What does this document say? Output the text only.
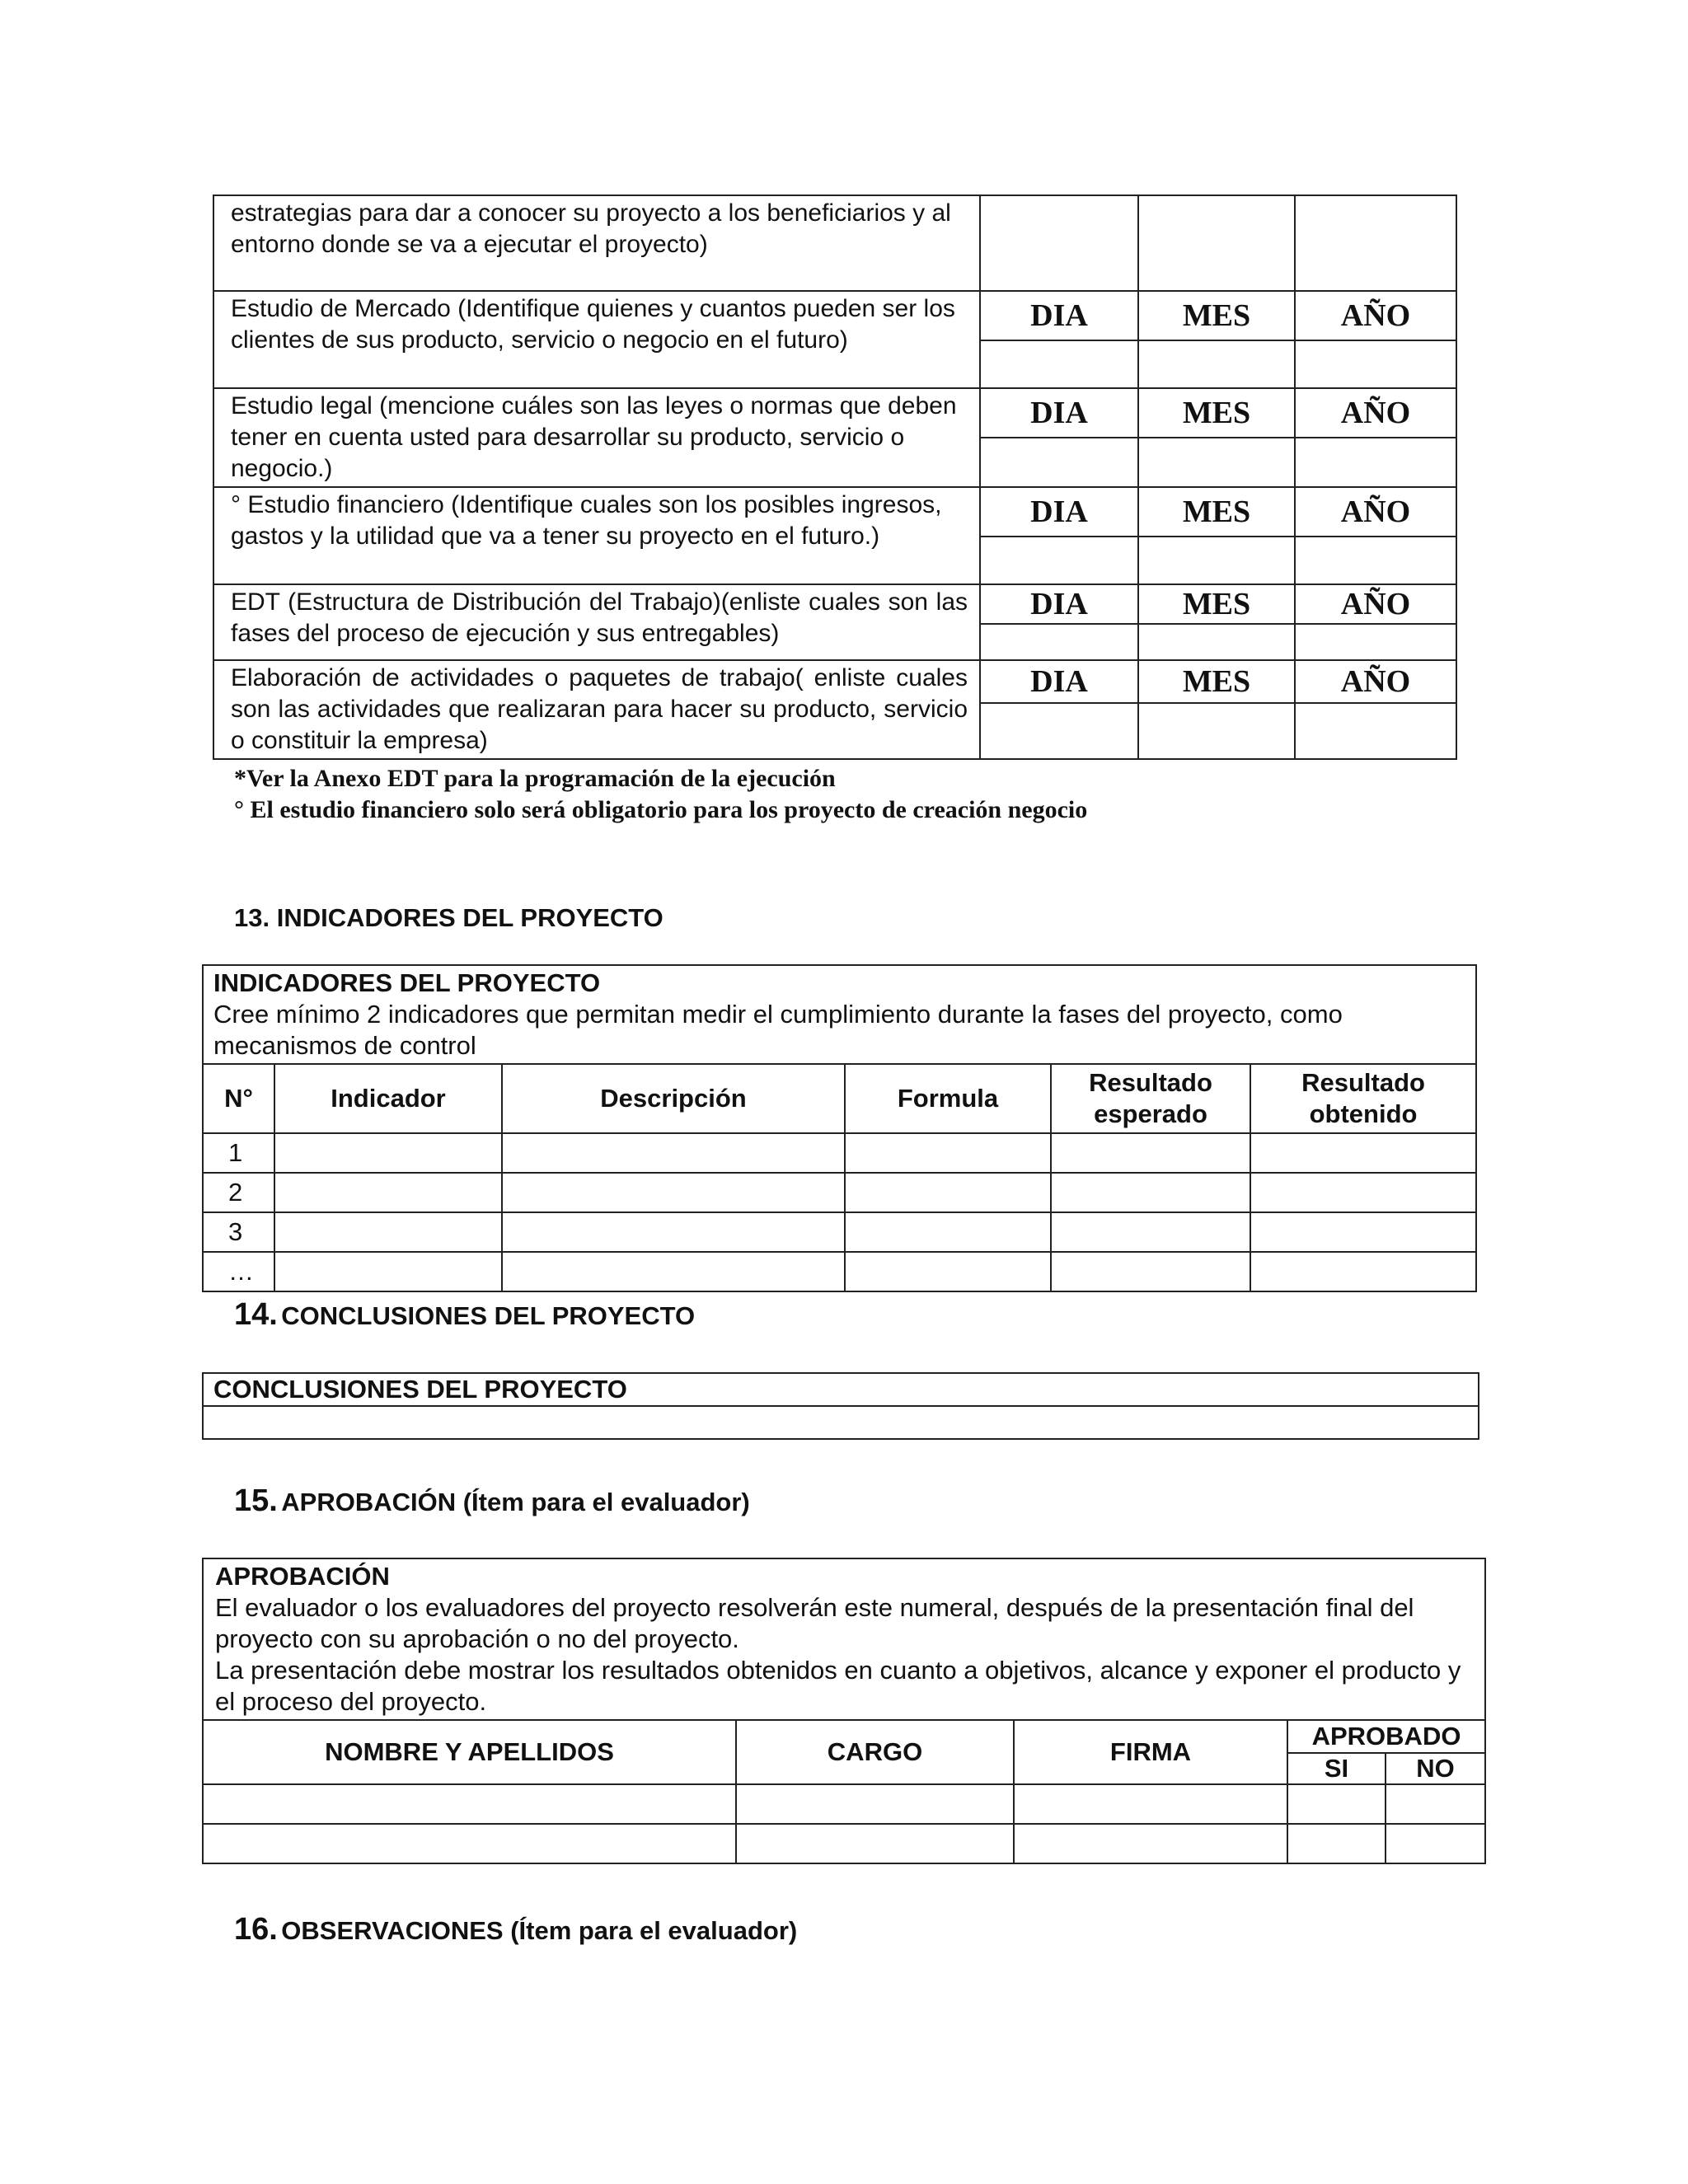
estrategias para dar a conocer su proyecto a los beneficiarios y al entorno donde se va a ejecutar el proyecto)			
Estudio de Mercado (Identifique quienes y cuantos pueden ser los clientes de sus producto, servicio o negocio en el futuro)	DIA	MES	AÑO

Estudio legal (mencione cuáles son las leyes o normas que deben tener en cuenta usted para desarrollar su producto, servicio o negocio.)	DIA	MES	AÑO

° Estudio financiero (Identifique cuales son los posibles ingresos, gastos y la utilidad que va a tener su proyecto en el futuro.)	DIA	MES	AÑO

EDT (Estructura de Distribución del Trabajo)(enliste cuales son las fases del proceso de ejecución y sus entregables)	DIA	MES	AÑO

Elaboración de actividades o paquetes de trabajo( enliste cuales son las actividades que realizaran para hacer su producto, servicio o constituir la empresa)	DIA	MES	AÑO

*Ver la Anexo EDT para la programación de la ejecución
° El estudio financiero solo será obligatorio para los proyecto de creación negocio
13. INDICADORES DEL PROYECTO
INDICADORES DEL PROYECTO
Cree mínimo 2 indicadores que permitan medir el cumplimiento durante la fases del proyecto, como mecanismos de control					

N°	Indicador	Descripción	Formula	Resultado esperado	Resultado obtenido
1					
2					
3					
…					
14. CONCLUSIONES DEL PROYECTO
CONCLUSIONES DEL PROYECTO

15. APROBACIÓN (Ítem para el evaluador)
APROBACIÓN
El evaluador o los evaluadores del proyecto resolverán este numeral, después de la presentación final del proyecto con su aprobación o no del proyecto.
La presentación debe mostrar los resultados obtenidos en cuanto a objetivos, alcance y exponer el producto y el proceso del proyecto.				

NOMBRE Y APELLIDOS	CARGO	FIRMA	APROBADO	
			SI	NO

16. OBSERVACIONES (Ítem para el evaluador)
